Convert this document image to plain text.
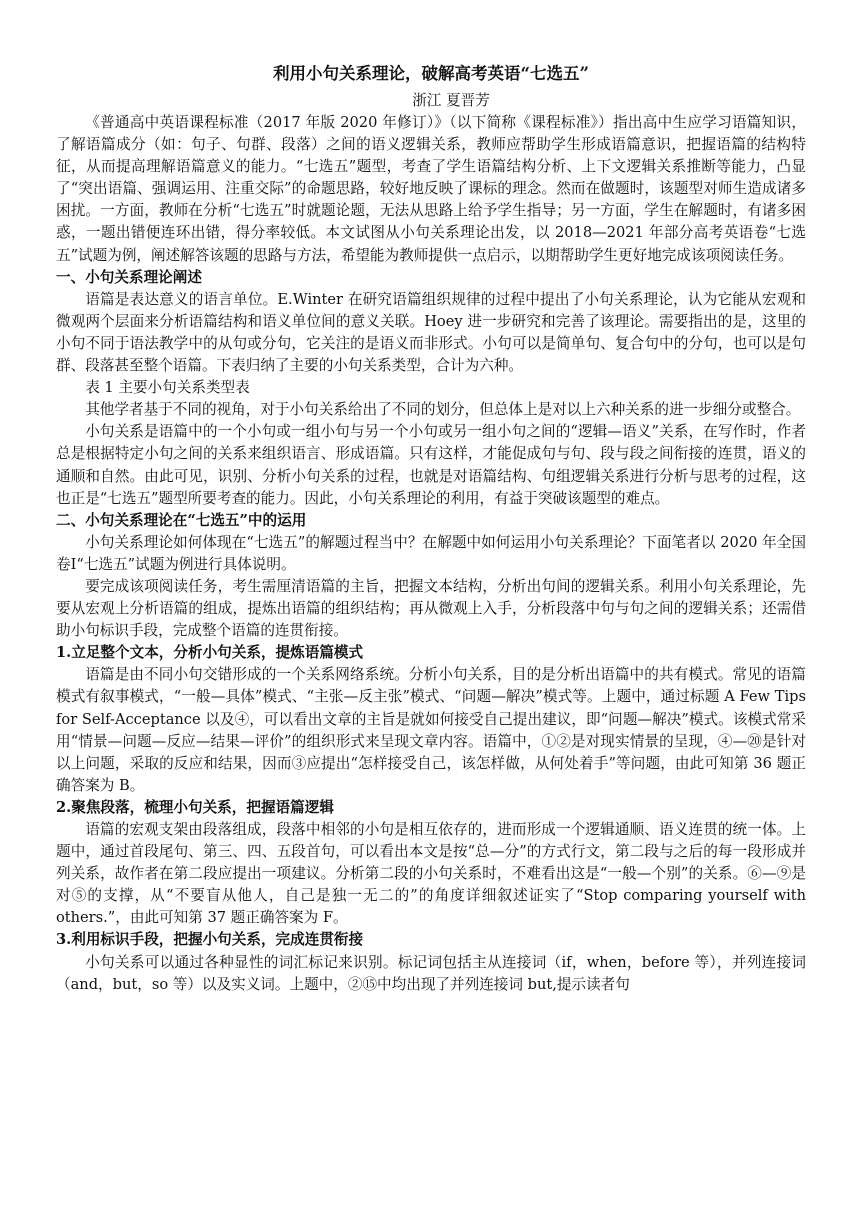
利用小句关系理论，破解高考英语“七选五”

浙江 夏晋芳

《普通高中英语课程标准（2017 年版 2020 年修订）》（以下简称《课程标准》）指出高中生应学习语篇知识，了解语篇成分（如：句子、句群、段落）之间的语义逻辑关系，教师应帮助学生形成语篇意识，把握语篇的结构特征，从而提高理解语篇意义的能力。“七选五”题型，考查了学生语篇结构分析、上下文逻辑关系推断等能力，凸显了“突出语篇、强调运用、注重交际”的命题思路，较好地反映了课标的理念。然而在做题时，该题型对师生造成诸多困扰。一方面，教师在分析“七选五”时就题论题，无法从思路上给予学生指导；另一方面，学生在解题时，有诸多困惑，一题出错便连环出错，得分率较低。本文试图从小句关系理论出发，以 2018—2021 年部分高考英语卷“七选五”试题为例，阐述解答该题的思路与方法，希望能为教师提供一点启示，以期帮助学生更好地完成该项阅读任务。

一、小句关系理论阐述

语篇是表达意义的语言单位。E.Winter 在研究语篇组织规律的过程中提出了小句关系理论，认为它能从宏观和微观两个层面来分析语篇结构和语义单位间的意义关联。Hoey 进一步研究和完善了该理论。需要指出的是，这里的小句不同于语法教学中的从句或分句，它关注的是语义而非形式。小句可以是简单句、复合句中的分句，也可以是句群、段落甚至整个语篇。下表归纳了主要的小句关系类型，合计为六种。

表 1 主要小句关系类型表

其他学者基于不同的视角，对于小句关系给出了不同的划分，但总体上是对以上六种关系的进一步细分或整合。

小句关系是语篇中的一个小句或一组小句与另一个小句或另一组小句之间的“逻辑—语义”关系，在写作时，作者总是根据特定小句之间的关系来组织语言、形成语篇。只有这样，才能促成句与句、段与段之间衔接的连贯，语义的通顺和自然。由此可见，识别、分析小句关系的过程，也就是对语篇结构、句组逻辑关系进行分析与思考的过程，这也正是“七选五”题型所要考查的能力。因此，小句关系理论的利用，有益于突破该题型的难点。

二、小句关系理论在“七选五”中的运用

小句关系理论如何体现在“七选五”的解题过程当中？在解题中如何运用小句关系理论？下面笔者以 2020 年全国卷Ⅰ“七选五”试题为例进行具体说明。

要完成该项阅读任务，考生需厘清语篇的主旨，把握文本结构，分析出句间的逻辑关系。利用小句关系理论，先要从宏观上分析语篇的组成，提炼出语篇的组织结构；再从微观上入手，分析段落中句与句之间的逻辑关系；还需借助小句标识手段，完成整个语篇的连贯衔接。

1.立足整个文本，分析小句关系，提炼语篇模式

语篇是由不同小句交错形成的一个关系网络系统。分析小句关系，目的是分析出语篇中的共有模式。常见的语篇模式有叙事模式，“一般—具体”模式、“主张—反主张”模式、“问题—解决”模式等。上题中，通过标题 A Few Tips for Self-Acceptance 以及④，可以看出文章的主旨是就如何接受自己提出建议，即“问题—解决”模式。该模式常采用“情景—问题—反应—结果—评价”的组织形式来呈现文章内容。语篇中，①②是对现实情景的呈现，④—⑳是针对以上问题，采取的反应和结果，因而③应提出“怎样接受自己，该怎样做，从何处着手”等问题，由此可知第 36 题正确答案为 B。

2.聚焦段落，梳理小句关系，把握语篇逻辑

语篇的宏观支架由段落组成，段落中相邻的小句是相互依存的，进而形成一个逻辑通顺、语义连贯的统一体。上题中，通过首段尾句、第三、四、五段首句，可以看出本文是按“总—分”的方式行文，第二段与之后的每一段形成并列关系，故作者在第二段应提出一项建议。分析第二段的小句关系时，不难看出这是“一般—个别”的关系。⑥—⑨是对⑤的支撑，从“不要盲从他人，自己是独一无二的”的角度详细叙述证实了“Stop comparing yourself with others.”，由此可知第 37 题正确答案为 F。

3.利用标识手段，把握小句关系，完成连贯衔接

小句关系可以通过各种显性的词汇标记来识别。标记词包括主从连接词（if，when，before 等），并列连接词（and，but，so 等）以及实义词。上题中，②⑮中均出现了并列连接词 but,提示读者句
